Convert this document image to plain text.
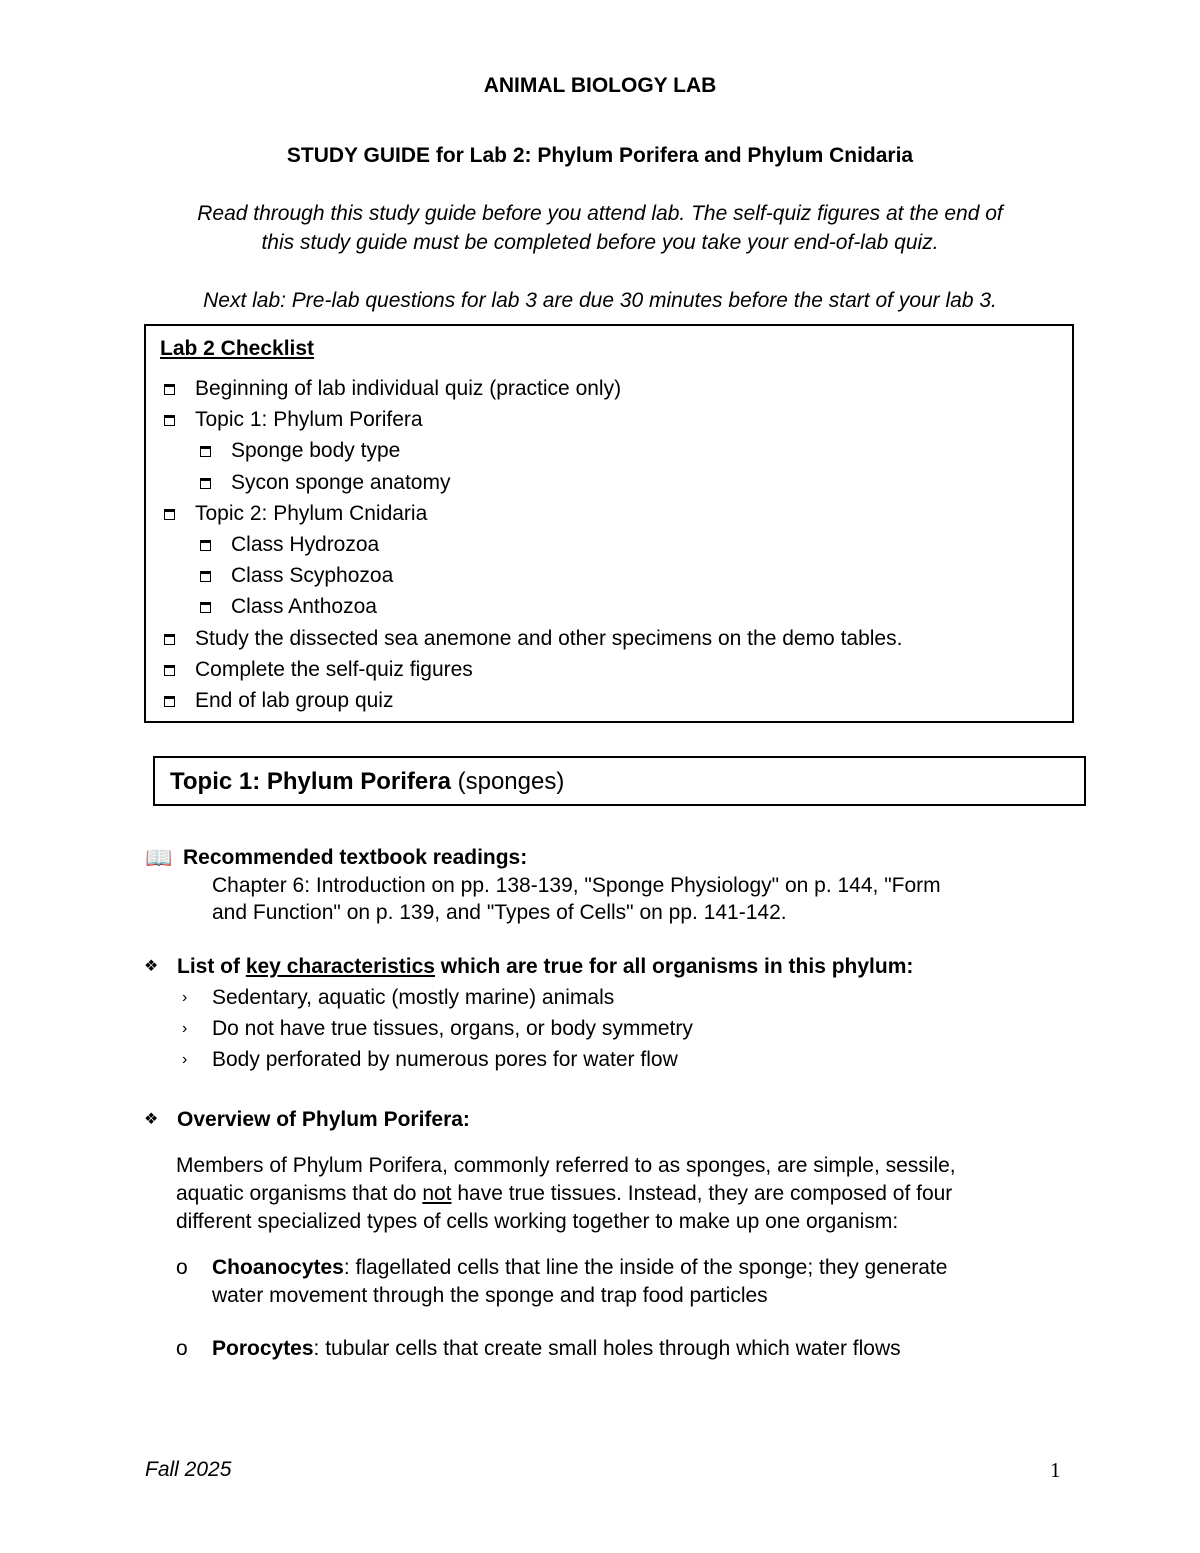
ANIMAL BIOLOGY LAB
STUDY GUIDE for Lab 2: Phylum Porifera and Phylum Cnidaria
Read through this study guide before you attend lab. The self-quiz figures at the end of
this study guide must be completed before you take your end-of-lab quiz.
Next lab: Pre-lab questions for lab 3 are due 30 minutes before the start of your lab 3.
Lab 2 Checklist
Beginning of lab individual quiz (practice only)
Topic 1: Phylum Porifera
Sponge body type
Sycon sponge anatomy
Topic 2: Phylum Cnidaria
Class Hydrozoa
Class Scyphozoa
Class Anthozoa
Study the dissected sea anemone and other specimens on the demo tables.
Complete the self-quiz figures
End of lab group quiz
Topic 1: Phylum Porifera (sponges)
📖 Recommended textbook readings:
Chapter 6: Introduction on pp. 138-139, "Sponge Physiology" on p. 144, "Form
and Function" on p. 139, and "Types of Cells" on pp. 141-142.
❖ List of key characteristics which are true for all organisms in this phylum:
› Sedentary, aquatic (mostly marine) animals
› Do not have true tissues, organs, or body symmetry
› Body perforated by numerous pores for water flow
❖ Overview of Phylum Porifera:
Members of Phylum Porifera, commonly referred to as sponges, are simple, sessile,
aquatic organisms that do not have true tissues. Instead, they are composed of four
different specialized types of cells working together to make up one organism:
o Choanocytes: flagellated cells that line the inside of the sponge; they generate
water movement through the sponge and trap food particles
o Porocytes: tubular cells that create small holes through which water flows
Fall 2025	1
